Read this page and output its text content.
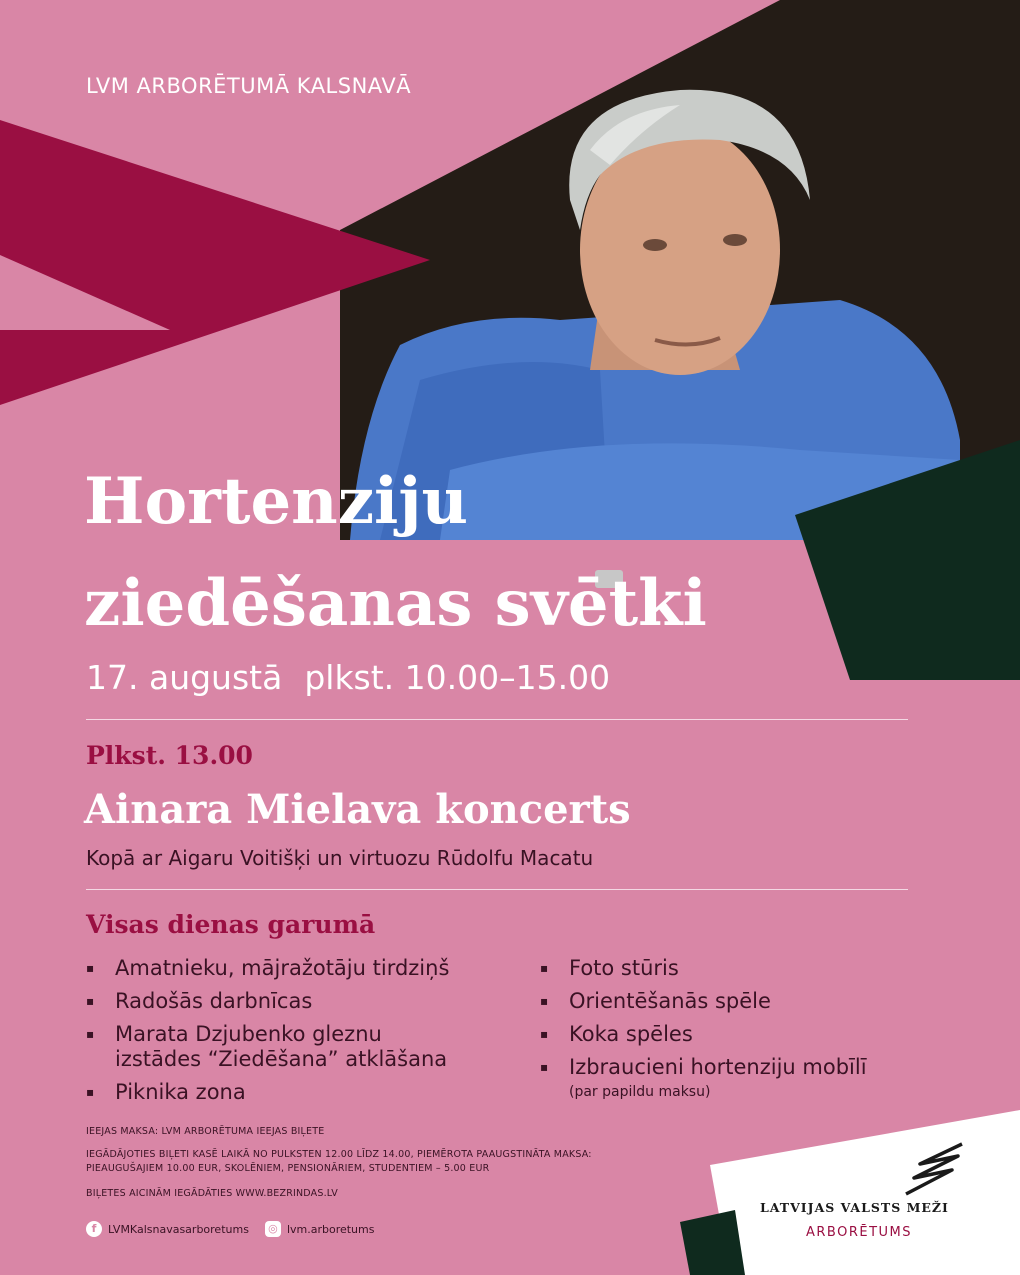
LVM ARBORĒTUMĀ KALSNAVĀ
Hortenziju
ziedēšanas svētki
17. augustā plkst. 10.00–15.00
Plkst. 13.00
Ainara Mielava koncerts
Kopā ar Aigaru Voitišķi un virtuozu Rūdolfu Macatu
Visas dienas garumā
▪ Amatnieku, mājražotāju tirdziņš
▪ Radošās darbnīcas
▪ Marata Dzjubenko gleznu izstādes “Ziedēšana” atklāšana
▪ Piknika zona
▪ Foto stūris
▪ Orientēšanās spēle
▪ Koka spēles
▪ Izbraucieni hortenziju mobīlī
(par papildu maksu)
IEEJAS MAKSA: LVM ARBORĒTUMA IEEJAS BIĻETE
IEGĀDĀJOTIES BIĻETI KASĒ LAIKĀ NO PULKSTEN 12.00 LĪDZ 14.00, PIEMĒROTA PAAUGSTINĀTA MAKSA: PIEAUGUŠAJIEM 10.00 EUR, SKOLĒNIEM, PENSIONĀRIEM, STUDENTIEM – 5.00 EUR
BIĻETES AICINĀM IEGĀDĀTIES WWW.BEZRINDAS.LV
f	LVMKalsnavasarboretums ◎ lvm.arboretums
LATVIJAS VALSTS MEŽI
ARBORĒTUMS
